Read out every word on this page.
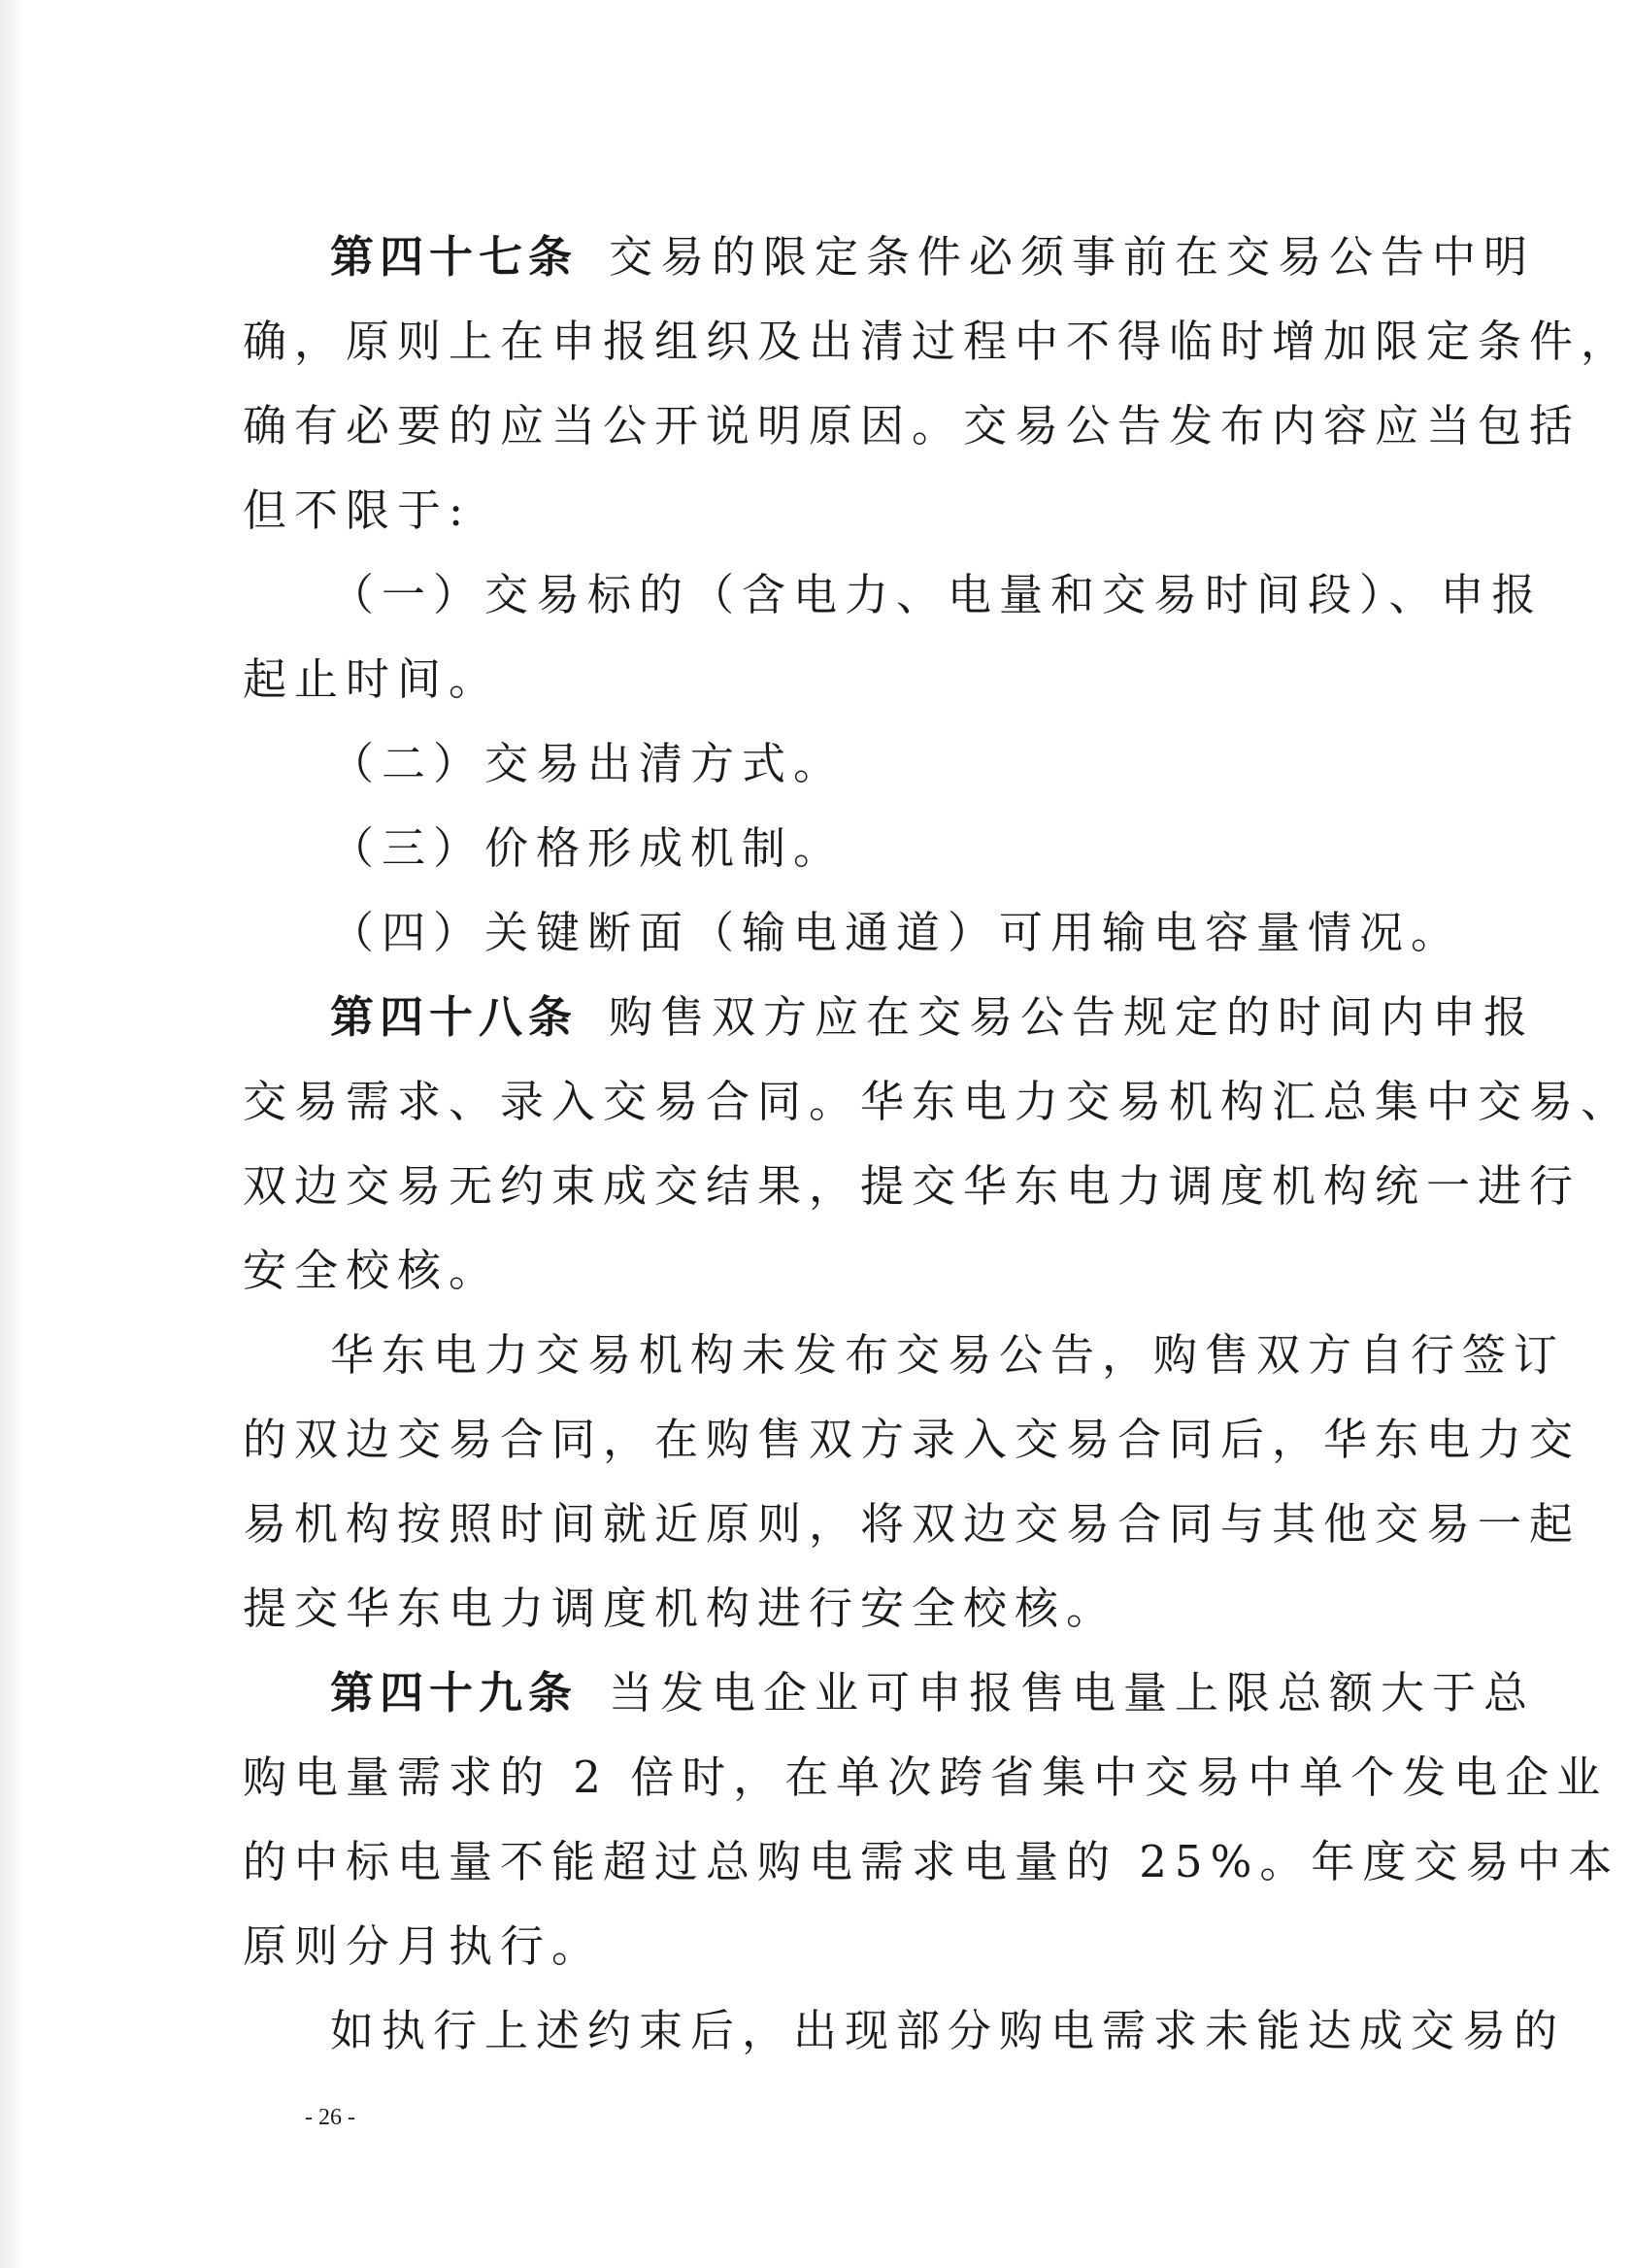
第四十七条 交易的限定条件必须事前在交易公告中明
确，原则上在申报组织及出清过程中不得临时增加限定条件，
确有必要的应当公开说明原因。交易公告发布内容应当包括
但不限于:
（一）交易标的（含电力、电量和交易时间段）、申报
起止时间。
（二）交易出清方式。
（三）价格形成机制。
（四）关键断面（输电通道）可用输电容量情况。
第四十八条 购售双方应在交易公告规定的时间内申报
交易需求、录入交易合同。华东电力交易机构汇总集中交易、
双边交易无约束成交结果，提交华东电力调度机构统一进行
安全校核。
华东电力交易机构未发布交易公告，购售双方自行签订
的双边交易合同，在购售双方录入交易合同后，华东电力交
易机构按照时间就近原则，将双边交易合同与其他交易一起
提交华东电力调度机构进行安全校核。
第四十九条 当发电企业可申报售电量上限总额大于总
购电量需求的 2 倍时，在单次跨省集中交易中单个发电企业
的中标电量不能超过总购电需求电量的 25%。年度交易中本
原则分月执行。
如执行上述约束后，出现部分购电需求未能达成交易的
- 26 -
